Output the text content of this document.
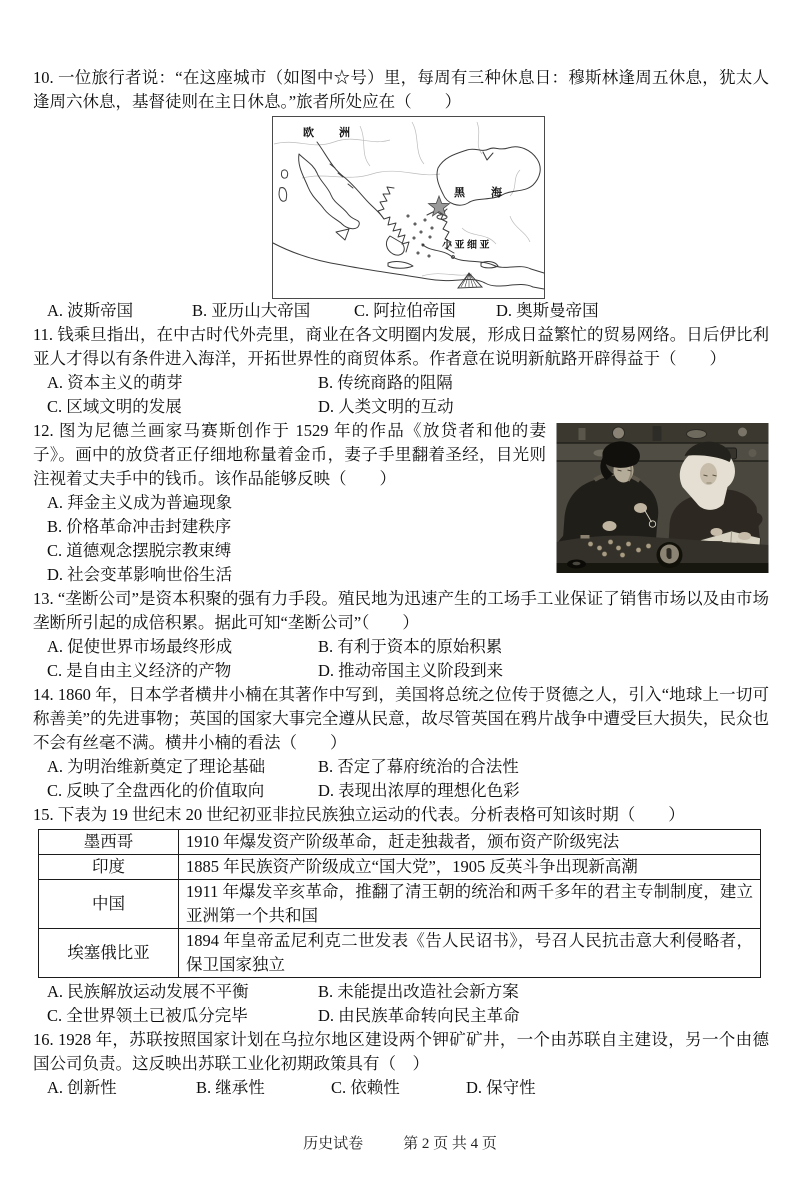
10. 一位旅行者说：“在这座城市（如图中☆号）里，每周有三种休息日：穆斯林逢周五休息，犹太人逢周六休息，基督徒则在主日休息。”旅者所处应在（　　）

欧洲
黑海
小亚细亚
A. 波斯帝国	B. 亚历山大帝国	C. 阿拉伯帝国	D. 奥斯曼帝国

11. 钱乘旦指出，在中古时代外壳里，商业在各文明圈内发展，形成日益繁忙的贸易网络。日后伊比利亚人才得以有条件进入海洋，开拓世界性的商贸体系。作者意在说明新航路开辟得益于（　　）

A. 资本主义的萌芽	B. 传统商路的阻隔
C. 区域文明的发展	D. 人类文明的互动

12. 图为尼德兰画家马赛斯创作于 1529 年的作品《放贷者和他的妻子》。画中的放贷者正仔细地称量着金币，妻子手里翻着圣经，目光则注视着丈夫手中的钱币。该作品能够反映（　　）

A. 拜金主义成为普遍现象
B. 价格革命冲击封建秩序
C. 道德观念摆脱宗教束缚
D. 社会变革影响世俗生活

13. “垄断公司”是资本积聚的强有力手段。殖民地为迅速产生的工场手工业保证了销售市场以及由市场垄断所引起的成倍积累。据此可知“垄断公司”（　　）

A. 促使世界市场最终形成	B. 有利于资本的原始积累
C. 是自由主义经济的产物	D. 推动帝国主义阶段到来

14. 1860 年，日本学者横井小楠在其著作中写到，美国将总统之位传于贤德之人，引入“地球上一切可称善美”的先进事物；英国的国家大事完全遵从民意，故尽管英国在鸦片战争中遭受巨大损失，民众也不会有丝毫不满。横井小楠的看法（　　）

A. 为明治维新奠定了理论基础	B. 否定了幕府统治的合法性
C. 反映了全盘西化的价值取向	D. 表现出浓厚的理想化色彩

15. 下表为 19 世纪末 20 世纪初亚非拉民族独立运动的代表。分析表格可知该时期（　　）

墨西哥	1910 年爆发资产阶级革命，赶走独裁者，颁布资产阶级宪法
印度	1885 年民族资产阶级成立“国大党”，1905 反英斗争出现新高潮
中国	1911 年爆发辛亥革命，推翻了清王朝的统治和两千多年的君主专制制度，建立亚洲第一个共和国
埃塞俄比亚	1894 年皇帝孟尼利克二世发表《告人民诏书》，号召人民抗击意大利侵略者，保卫国家独立
A. 民族解放运动发展不平衡	B. 未能提出改造社会新方案
C. 全世界领土已被瓜分完毕	D. 由民族革命转向民主革命

16. 1928 年，苏联按照国家计划在乌拉尔地区建设两个钾矿矿井，一个由苏联自主建设，另一个由德国公司负责。这反映出苏联工业化初期政策具有（　）

A. 创新性	B. 继承性	C. 依赖性	D. 保守性
历史试卷	第 2 页 共 4 页
